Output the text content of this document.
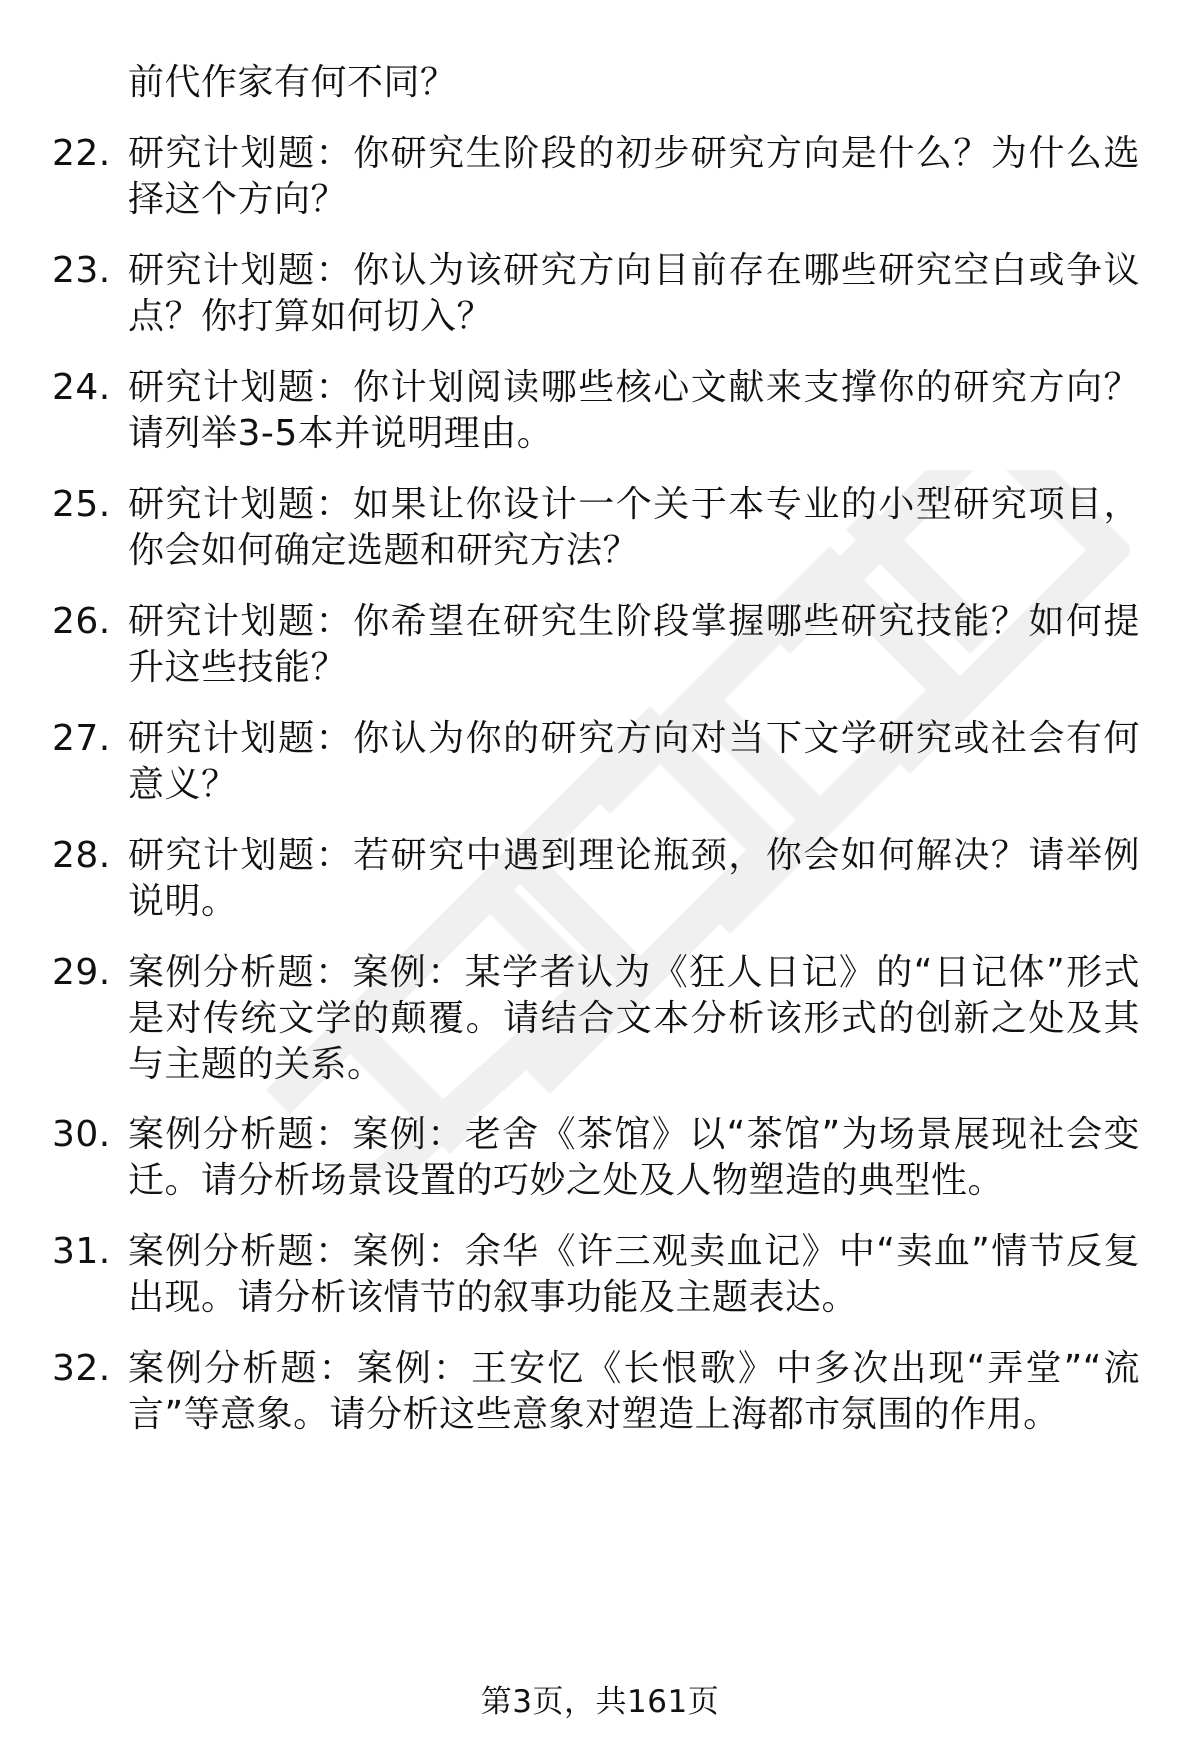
前代作家有何不同？
22. 研究计划题：你研究生阶段的初步研究方向是什么？为什么选择这个方向？
23. 研究计划题：你认为该研究方向目前存在哪些研究空白或争议点？你打算如何切入？
24. 研究计划题：你计划阅读哪些核心文献来支撑你的研究方向？请列举3-5本并说明理由。
25. 研究计划题：如果让你设计一个关于本专业的小型研究项目，你会如何确定选题和研究方法？
26. 研究计划题：你希望在研究生阶段掌握哪些研究技能？如何提升这些技能？
27. 研究计划题：你认为你的研究方向对当下文学研究或社会有何意义？
28. 研究计划题：若研究中遇到理论瓶颈，你会如何解决？请举例说明。
29. 案例分析题：案例：某学者认为《狂人日记》的“日记体”形式是对传统文学的颠覆。请结合文本分析该形式的创新之处及其与主题的关系。
30. 案例分析题：案例：老舍《茶馆》以“茶馆”为场景展现社会变迁。请分析场景设置的巧妙之处及人物塑造的典型性。
31. 案例分析题：案例：余华《许三观卖血记》中“卖血”情节反复出现。请分析该情节的叙事功能及主题表达。
32. 案例分析题：案例：王安忆《长恨歌》中多次出现“弄堂”“流言”等意象。请分析这些意象对塑造上海都市氛围的作用。
第3页，共161页
